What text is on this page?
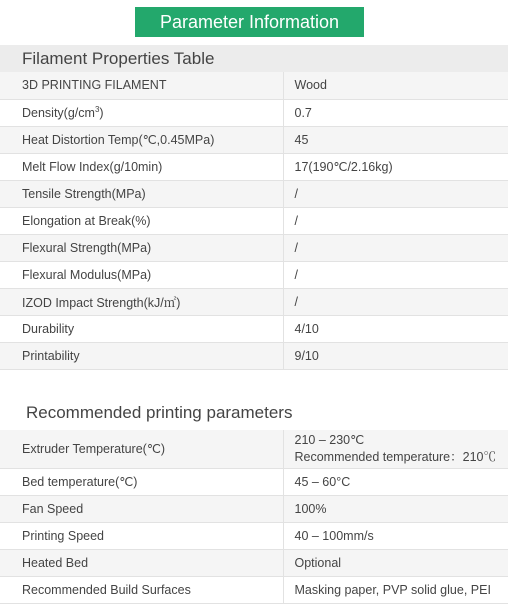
Parameter Information
Filament Properties Table
3D PRINTING FILAMENT	Wood
$Density(g/cm^3)$	0.7
Heat Distortion Temp(℃,0.45MPa)	45
Melt Flow Index(g/10min)	17(190℃/2.16kg)
Tensile Strength(MPa)	/
Elongation at Break(%)	/
Flexural Strength(MPa)	/
Flexural Modulus(MPa)	/
IZOD Impact Strength(kJ/㎡)	/
Durability	4/10
Printability	9/10
Recommended printing parameters
Extruder Temperature(℃)	210 – 230℃
Recommended temperature：210℃

Bed temperature(℃)	45 – 60°C
Fan Speed	100%
Printing Speed	40 – 100mm/s
Heated Bed	Optional
Recommended Build Surfaces	Masking paper, PVP solid glue, PEI
